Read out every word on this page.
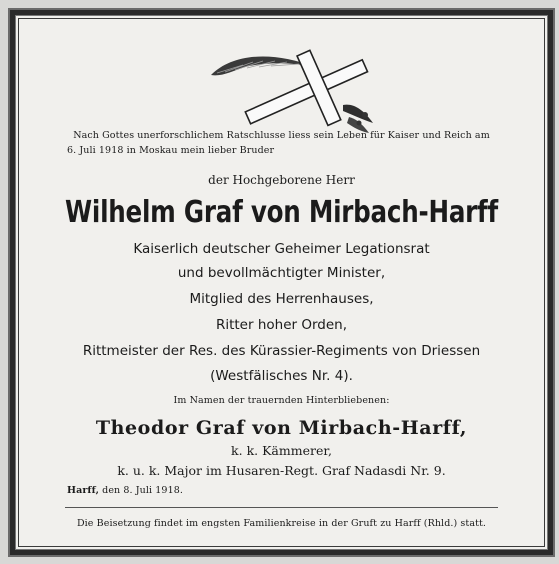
Nach Gottes unerforschlichem Ratschlusse liess sein Leben für Kaiser und Reich am
6. Juli 1918 in Moskau mein lieber Bruder
der Hochgeborene Herr
Wilhelm Graf von Mirbach-Harff
Kaiserlich deutscher Geheimer Legationsrat
und bevollmächtigter Minister,
Mitglied des Herrenhauses,
Ritter hoher Orden,
Rittmeister der Res. des Kürassier-Regiments von Driessen
(Westfälisches Nr. 4).
Im Namen der trauernden Hinterbliebenen:
Theodor Graf von Mirbach-Harff,
k. k. Kämmerer,
k. u. k. Major im Husaren-Regt. Graf Nadasdi Nr. 9.
Harff, den 8. Juli 1918.
Die Beisetzung findet im engsten Familienkreise in der Gruft zu Harff (Rhld.) statt.
